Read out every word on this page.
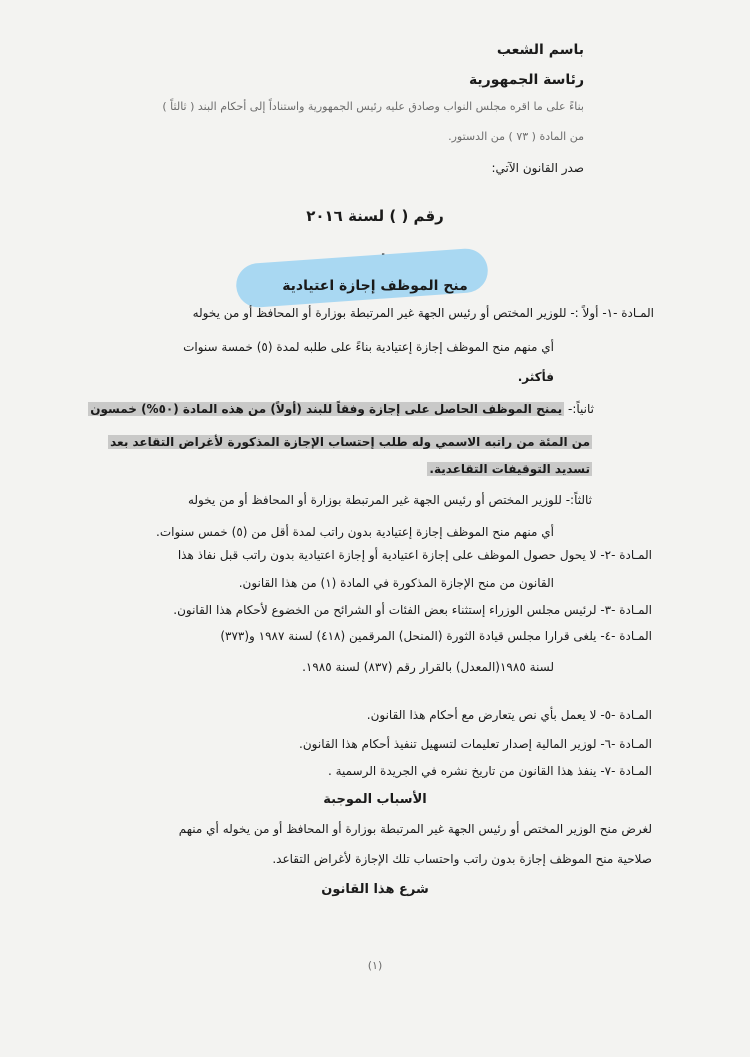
باسم الشعب
رئاسة الجمهورية
بناءً على ما اقره مجلس النواب وصادق عليه رئيس الجمهورية واستناداً إلى أحكام البند ( ثالثاً )
من المادة ( ٧٣ ) من الدستور.
صدر القانون الآتي:
رقم ( ) لسنة ٢٠١٦
منح الموظف إجازة اعتيادية
المـادة -١- أولاً :- للوزير المختص أو رئيس الجهة غير المرتبطة بوزارة أو المحافظ أو من يخوله
أي منهم منح الموظف إجازة إعتيادية بناءً على طلبه لمدة (٥) خمسة سنوات
فأكثر.
ثانياً:- يمنح الموظف الحاصل على إجازة وفقاً للبند (أولاً) من هذه المادة (٥٠%) خمسون
من المئة من راتبه الاسمي وله طلب إحتساب الإجازة المذكورة لأغراض التقاعد بعد
تسديد التوقيفات التقاعدية.
ثالثاً:- للوزير المختص أو رئيس الجهة غير المرتبطة بوزارة أو المحافظ أو من يخوله
أي منهم منح الموظف إجازة إعتيادية بدون راتب لمدة أقل من (٥) خمس سنوات.
المـادة -٢- لا يحول حصول الموظف على إجازة اعتيادية أو إجازة اعتيادية بدون راتب قبل نفاذ هذا
القانون من منح الإجازة المذكورة في المادة (١) من هذا القانون.
المـادة -٣- لرئيس مجلس الوزراء إستثناء بعض الفئات أو الشرائح من الخضوع لأحكام هذا القانون.
المـادة -٤- يلغى قرارا مجلس قيادة الثورة (المنحل) المرقمين (٤١٨) لسنة ١٩٨٧ و(٣٧٣)
لسنة ١٩٨٥(المعدل) بالقرار رقم (٨٣٧) لسنة ١٩٨٥.
المـادة -٥- لا يعمل بأي نص يتعارض مع أحكام هذا القانون.
المـادة -٦- لوزير المالية إصدار تعليمات لتسهيل تنفيذ أحكام هذا القانون.
المـادة -٧- ينفذ هذا القانون من تاريخ نشره في الجريدة الرسمية .
الأسباب الموجبة
لغرض منح الوزير المختص أو رئيس الجهة غير المرتبطة بوزارة أو المحافظ أو من يخوله أي منهم
صلاحية منح الموظف إجازة بدون راتب واحتساب تلك الإجازة لأغراض التقاعد.
شرع هذا القانون
(١)
